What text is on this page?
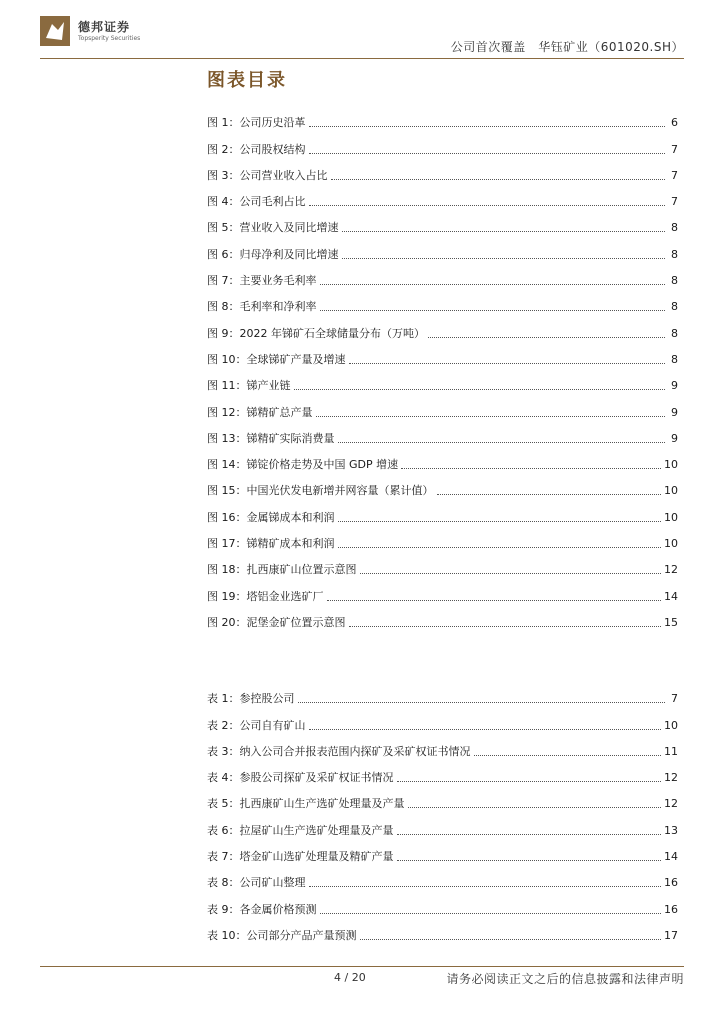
德邦证券
Topsperity Securities
公司首次覆盖　华钰矿业（601020.SH）
图表目录
图 1：公司历史沿革	6
图 2：公司股权结构	7
图 3：公司营业收入占比	7
图 4：公司毛利占比	7
图 5：营业收入及同比增速	8
图 6：归母净利及同比增速	8
图 7：主要业务毛利率	8
图 8：毛利率和净利率	8
图 9：2022 年锑矿石全球储量分布（万吨）	8
图 10：全球锑矿产量及增速	8
图 11：锑产业链	9
图 12：锑精矿总产量	9
图 13：锑精矿实际消费量	9
图 14：锑锭价格走势及中国 GDP 增速	10
图 15：中国光伏发电新增并网容量（累计值）	10
图 16：金属锑成本和利润	10
图 17：锑精矿成本和利润	10
图 18：扎西康矿山位置示意图	12
图 19：塔铝金业选矿厂	14
图 20：泥堡金矿位置示意图	15
表 1：参控股公司	7
表 2：公司自有矿山	10
表 3：纳入公司合并报表范围内探矿及采矿权证书情况	11
表 4：参股公司探矿及采矿权证书情况	12
表 5：扎西康矿山生产选矿处理量及产量	12
表 6：拉屋矿山生产选矿处理量及产量	13
表 7：塔金矿山选矿处理量及精矿产量	14
表 8：公司矿山整理	16
表 9：各金属价格预测	16
表 10：公司部分产品产量预测	17
4 / 20	请务必阅读正文之后的信息披露和法律声明
